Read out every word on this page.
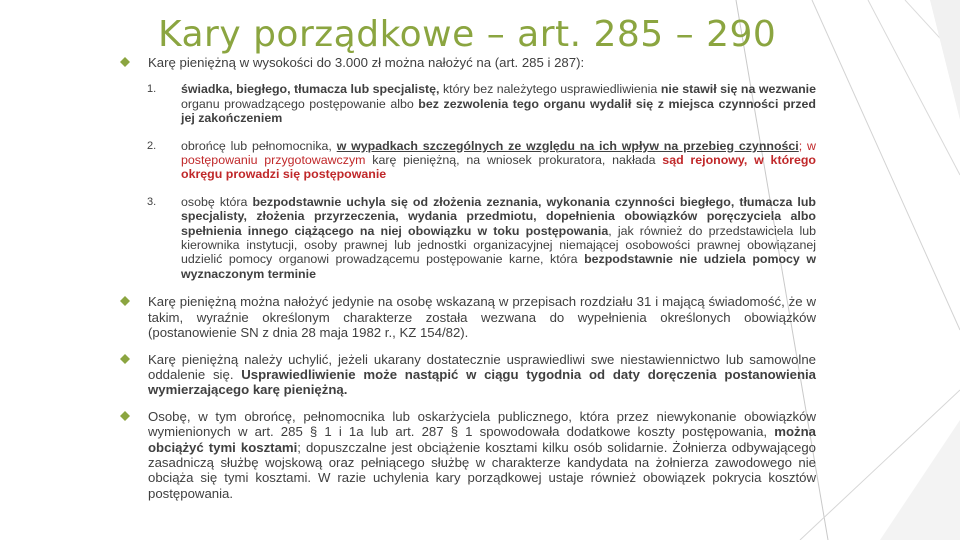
Kary porządkowe – art. 285 – 290
Karę pieniężną w wysokości do 3.000 zł można nałożyć na (art. 285 i 287):
1. świadka, biegłego, tłumacza lub specjalistę, który bez należytego usprawiedliwienia nie stawił się na wezwanie organu prowadzącego postępowanie albo bez zezwolenia tego organu wydalił się z miejsca czynności przed jej zakończeniem
2. obrońcę lub pełnomocnika, w wypadkach szczególnych ze względu na ich wpływ na przebieg czynności; w postępowaniu przygotowawczym karę pieniężną, na wniosek prokuratora, nakłada sąd rejonowy, w którego okręgu prowadzi się postępowanie
3. osobę która bezpodstawnie uchyla się od złożenia zeznania, wykonania czynności biegłego, tłumacza lub specjalisty, złożenia przyrzeczenia, wydania przedmiotu, dopełnienia obowiązków poręczyciela albo spełnienia innego ciążącego na niej obowiązku w toku postępowania, jak również do przedstawiciela lub kierownika instytucji, osoby prawnej lub jednostki organizacyjnej niemającej osobowości prawnej obowiązanej udzielić pomocy organowi prowadzącemu postępowanie karne, która bezpodstawnie nie udziela pomocy w wyznaczonym terminie
Karę pieniężną można nałożyć jedynie na osobę wskazaną w przepisach rozdziału 31 i mającą świadomość, że w takim, wyraźnie określonym charakterze została wezwana do wypełnienia określonych obowiązków (postanowienie SN z dnia 28 maja 1982 r., KZ 154/82).
Karę pieniężną należy uchylić, jeżeli ukarany dostatecznie usprawiedliwi swe niestawiennictwo lub samowolne oddalenie się. Usprawiedliwienie może nastąpić w ciągu tygodnia od daty doręczenia postanowienia wymierzającego karę pieniężną.
Osobę, w tym obrońcę, pełnomocnika lub oskarżyciela publicznego, która przez niewykonanie obowiązków wymienionych w art. 285 § 1 i 1a lub art. 287 § 1 spowodowała dodatkowe koszty postępowania, można obciążyć tymi kosztami; dopuszczalne jest obciążenie kosztami kilku osób solidarnie. Żołnierza odbywającego zasadniczą służbę wojskową oraz pełniącego służbę w charakterze kandydata na żołnierza zawodowego nie obciąża się tymi kosztami. W razie uchylenia kary porządkowej ustaje również obowiązek pokrycia kosztów postępowania.
